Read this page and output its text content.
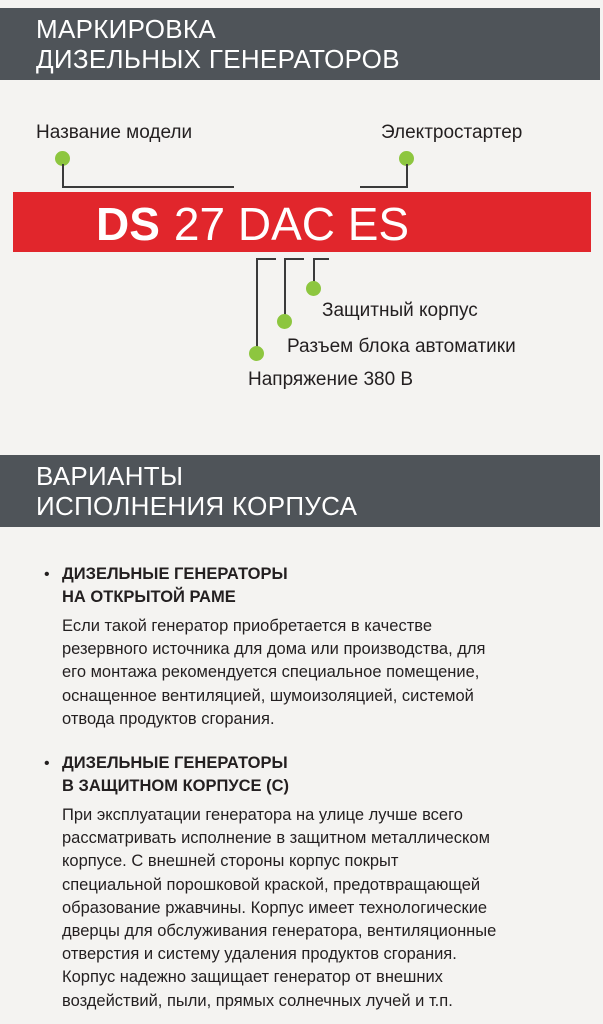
МАРКИРОВКА
ДИЗЕЛЬНЫХ ГЕНЕРАТОРОВ
Название модели	Электростартер
DS 27 DAC ES
Защитный корпус
Разъем блока автоматики
Напряжение 380 В
ВАРИАНТЫ
ИСПОЛНЕНИЯ КОРПУСА
• ДИЗЕЛЬНЫЕ ГЕНЕРАТОРЫ
НА ОТКРЫТОЙ РАМЕ
Если такой генератор приобретается в качестве
резервного источника для дома или производства, для
его монтажа рекомендуется специальное помещение,
оснащенное вентиляцией, шумоизоляцией, системой
отвода продуктов сгорания.
• ДИЗЕЛЬНЫЕ ГЕНЕРАТОРЫ
В ЗАЩИТНОМ КОРПУСЕ (С)
При эксплуатации генератора на улице лучше всего
рассматривать исполнение в защитном металлическом
корпусе. С внешней стороны корпус покрыт
специальной порошковой краской, предотвращающей
образование ржавчины. Корпус имеет технологические
дверцы для обслуживания генератора, вентиляционные
отверстия и систему удаления продуктов сгорания.
Корпус надежно защищает генератор от внешних
воздействий, пыли, прямых солнечных лучей и т.п.
